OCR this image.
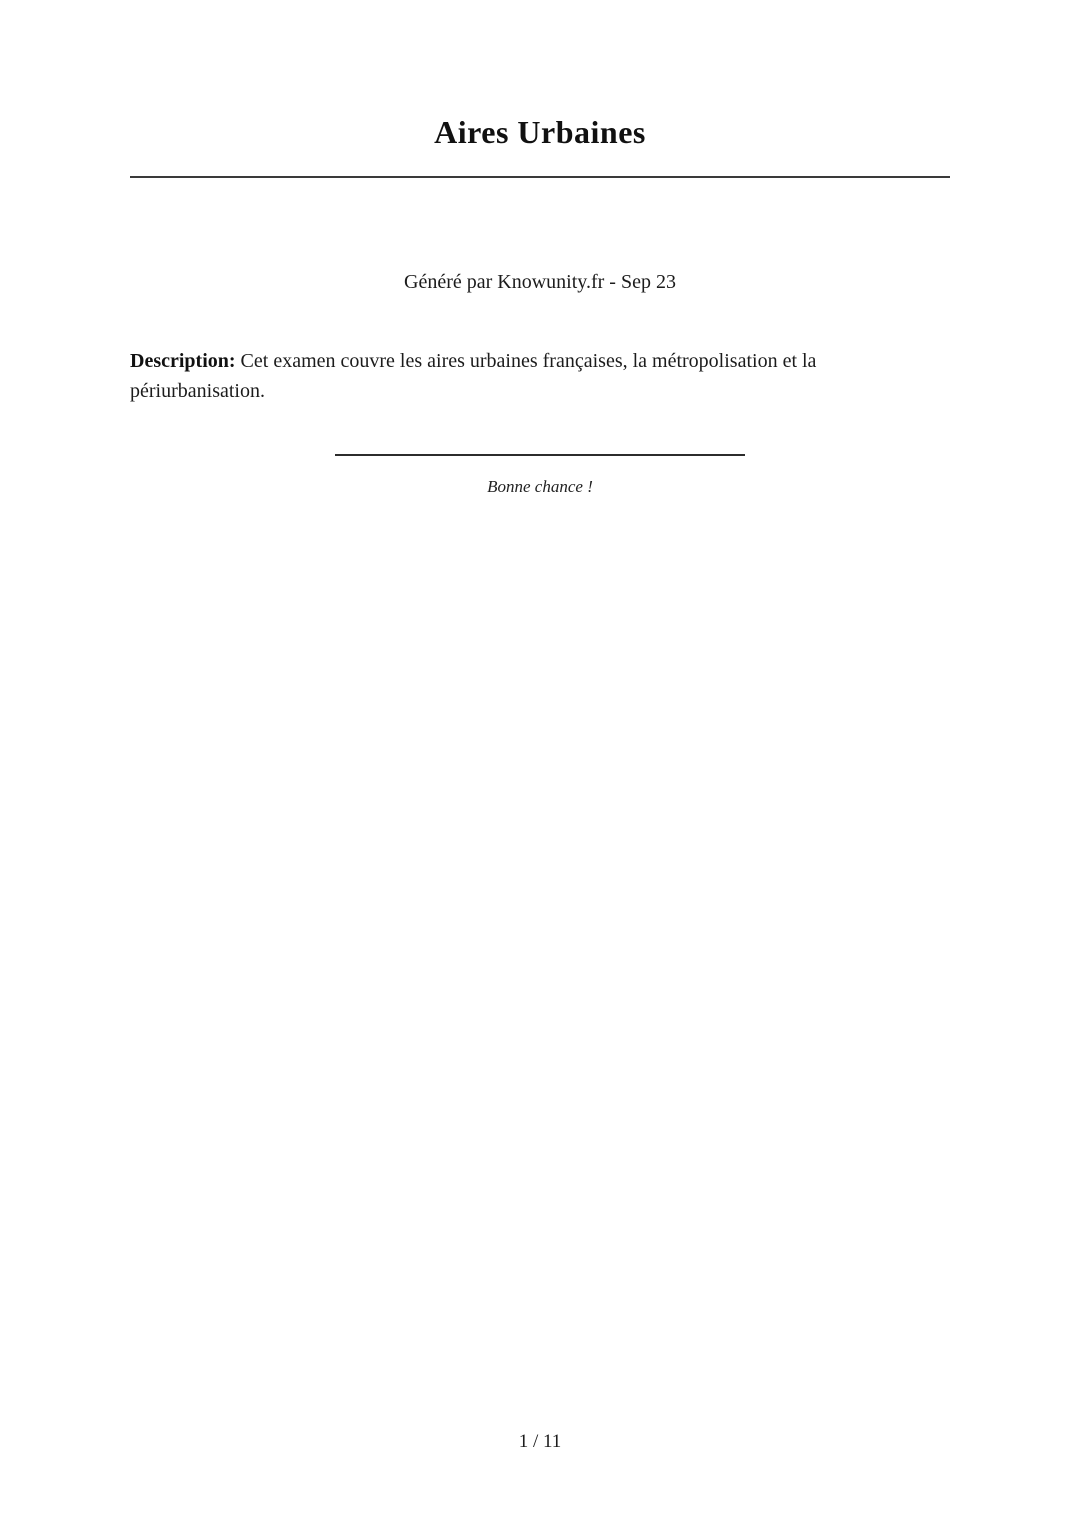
Aires Urbaines
Généré par Knowunity.fr - Sep 23

Description: Cet examen couvre les aires urbaines françaises, la métropolisation et la périurbanisation.

Bonne chance !
1 / 11
